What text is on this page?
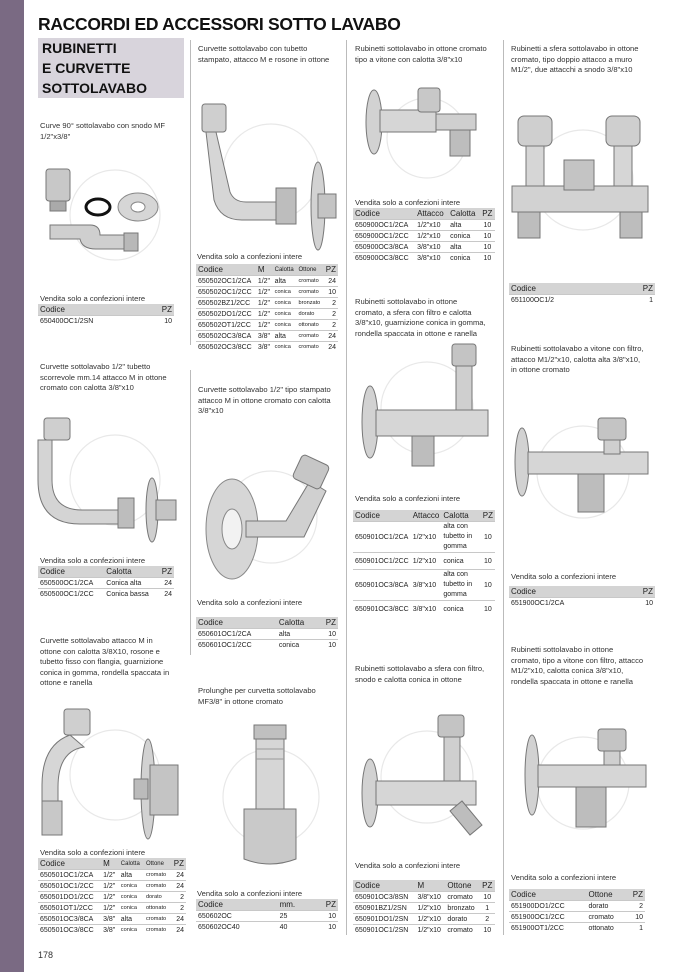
RACCORDI ED ACCESSORI SOTTO LAVABO
RUBINETTI
E CURVETTE
SOTTOLAVABO
Curve 90° sottolavabo con snodo MF
1/2"x3/8"
Vendita solo a confezioni intere
Codice	PZ
650400OC1/2SN	10
Curvette sottolavabo 1/2" tubetto
scorrevole mm.14 attacco M in ottone
cromato con calotta 3/8"x10
Vendita solo a confezioni intere
Codice	Calotta	PZ
650500OC1/2CA	Conica alta	24
650500OC1/2CC	Conica bassa	24
Curvette sottolavabo attacco M in
ottone con calotta 3/8X10, rosone e
tubetto fisso con flangia, guarnizione
conica in gomma, rondella spaccata in
ottone e ranella
Vendita solo a confezioni intere
Codice	M	Calotta	Ottone	PZ
650501OC1/2CA	1/2"	alta	cromato	24
650501OC1/2CC	1/2"	conica	cromato	24
650501DO1/2CC	1/2"	conica	dorato	2
650501OT1/2CC	1/2"	conica	ottonato	2
650501OC3/8CA	3/8"	alta	cromato	24
650501OC3/8CC	3/8"	conica	cromato	24
Curvette sottolavabo con tubetto
stampato, attacco M e rosone in ottone
Vendita solo a confezioni intere
Codice	M	Calotta	Ottone	PZ
650502OC1/2CA	1/2"	alta	cromato	24
650502OC1/2CC	1/2"	conica	cromato	10
650502BZ1/2CC	1/2"	conica	bronzato	2
650502DO1/2CC	1/2"	conica	dorato	2
650502OT1/2CC	1/2"	conica	ottonato	2
650502OC3/8CA	3/8"	alta	cromato	24
650502OC3/8CC	3/8"	conica	cromato	24
Curvette sottolavabo 1/2" tipo stampato
attacco M in ottone cromato con calotta
3/8"x10
Vendita solo a confezioni intere
Codice	Calotta	PZ
650601OC1/2CA	alta	10
650601OC1/2CC	conica	10
Prolunghe per curvetta sottolavabo
MF3/8" in ottone cromato
Vendita solo a confezioni intere
Codice	mm.	PZ
650602OC	25	10
650602OC40	40	10
Rubinetti sottolavabo in ottone cromato
tipo a vitone con calotta 3/8"x10
Vendita solo a confezioni intere
Codice	Attacco	Calotta	PZ
650900OC1/2CA	1/2"x10	alta	10
650900OC1/2CC	1/2"x10	conica	10
650900OC3/8CA	3/8"x10	alta	10
650900OC3/8CC	3/8"x10	conica	10
Rubinetti sottolavabo in ottone
cromato, a sfera con filtro e calotta
3/8"x10, guarnizione conica in gomma,
rondella spaccata in ottone e ranella
Vendita solo a confezioni intere
Codice	Attacco	Calotta	PZ
650901OC1/2CA	1/2"x10	alta con tubetto in gomma	10
650901OC1/2CC	1/2"x10	conica	10
650901OC3/8CA	3/8"x10	alta con tubetto in gomma	10
650901OC3/8CC	3/8"x10	conica	10
Rubinetti sottolavabo a sfera con filtro,
snodo e calotta conica in ottone
Vendita solo a confezioni intere
Codice	M	Ottone	PZ
650901OC3/8SN	3/8"x10	cromato	10
650901BZ1/2SN	1/2"x10	bronzato	1
650901DO1/2SN	1/2"x10	dorato	2
650901OC1/2SN	1/2"x10	cromato	10
Rubinetti a sfera sottolavabo in ottone
cromato, tipo doppio attacco a muro
M1/2", due attacchi a snodo 3/8"x10
Codice	PZ
651100OC1/2	1
Rubinetti sottolavabo a vitone con filtro,
attacco M1/2"x10, calotta alta 3/8"x10,
in ottone cromato
Vendita solo a confezioni intere
Codice	PZ
651900OC1/2CA	10
Rubinetti sottolavabo in ottone
cromato, tipo a vitone con filtro, attacco
M1/2"x10, calotta conica 3/8"x10,
rondella spaccata in ottone e ranella
Vendita solo a confezioni intere
Codice	Ottone	PZ
651900DO1/2CC	dorato	2
651900OC1/2CC	cromato	10
651900OT1/2CC	ottonato	1
178
